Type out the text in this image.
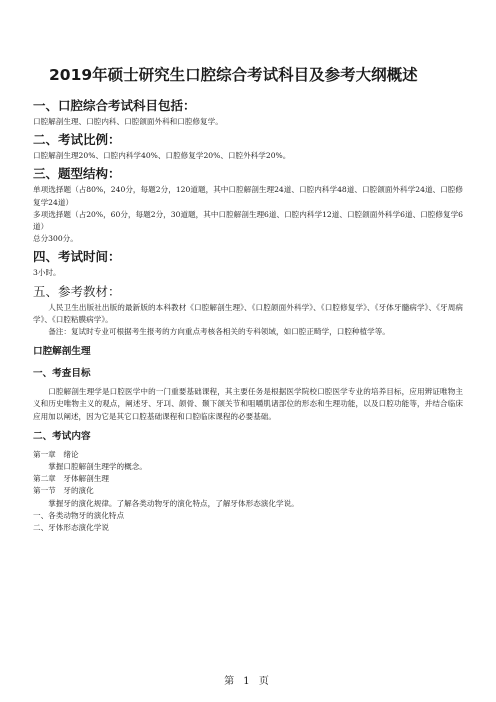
2019年硕士研究生口腔综合考试科目及参考大纲概述
一、口腔综合考试科目包括：

口腔解剖生理、口腔内科、口腔颌面外科和口腔修复学。

二、考试比例：

口腔解剖生理20%、口腔内科学40%、口腔修复学20%、口腔外科学20%。

三、题型结构：

单项选择题（占80%，240分，每题2分，120道题，其中口腔解剖生理24道、口腔内科学48道、口腔颌面外科学24道、口腔修复学24道）

多项选择题（占20%，60分，每题2分，30道题，其中口腔解剖生理6道、口腔内科学12道、口腔颌面外科学6道、口腔修复学6道）

总分300分。

四、考试时间：

3小时。

五、参考教材：

人民卫生出版社出版的最新版的本科教材《口腔解剖生理》、《口腔颌面外科学》、《口腔修复学》、《牙体牙髓病学》、《牙周病学》、《口腔粘膜病学》。

备注：复试时专业可根据考生报考的方向重点考核各相关的专科领域，如口腔正畸学，口腔种植学等。

口腔解剖生理
一、考查目标

口腔解剖生理学是口腔医学中的一门重要基础课程，其主要任务是根据医学院校口腔医学专业的培养目标，应用辨证唯物主义和历史唯物主义的观点，阐述牙、牙㓚、颌骨、颞下颌关节和咀嚼肌诸部位的形态和生理功能，以及口腔功能等，并结合临床应用加以阐述，因为它是其它口腔基础课程和口腔临床课程的必要基础。

二、考试内容

第一章　绪论

掌握口腔解剖生理学的概念。

第二章　牙体解剖生理

第一节　牙的演化

掌握牙的演化规律。了解各类动物牙的演化特点，了解牙体形态演化学说。

一、各类动物牙的演化特点

二、牙体形态演化学说

第 1 页
